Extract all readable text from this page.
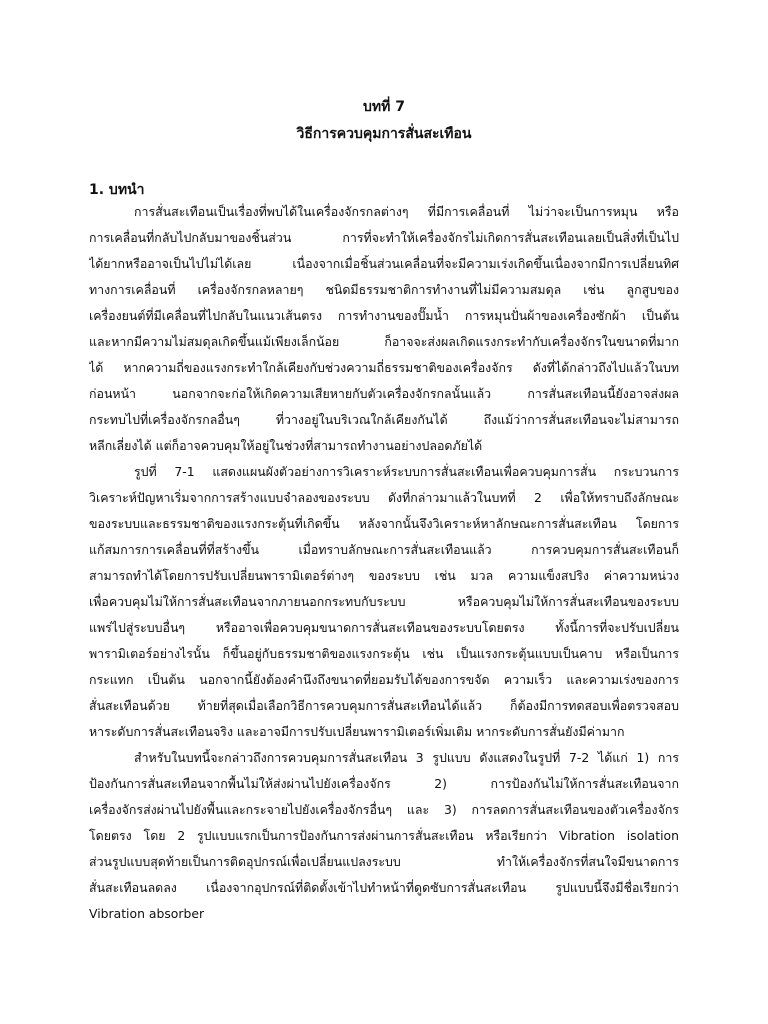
บทที่ 7
วิธีการควบคุมการสั่นสะเทือน
1. บทนำ
การสั่นสะเทือนเป็นเรื่องที่พบได้ในเครื่องจักรกลต่างๆ ที่มีการเคลื่อนที่ ไม่ว่าจะเป็นการหมุน หรือ
การเคลื่อนที่กลับไปกลับมาของชิ้นส่วน การที่จะทำให้เครื่องจักรไม่เกิดการสั่นสะเทือนเลยเป็นสิ่งที่เป็นไป
ได้ยากหรืออาจเป็นไปไม่ได้เลย เนื่องจากเมื่อชิ้นส่วนเคลื่อนที่จะมีความเร่งเกิดขึ้นเนื่องจากมีการเปลี่ยนทิศ
ทางการเคลื่อนที่ เครื่องจักรกลหลายๆ ชนิดมีธรรมชาติการทำงานที่ไม่มีความสมดุล เช่น ลูกสูบของ
เครื่องยนต์ที่มีเคลื่อนที่ไปกลับในแนวเส้นตรง การทำงานของปั๊มน้ำ การหมุนปั่นผ้าของเครื่องซักผ้า เป็นต้น
และหากมีความไม่สมดุลเกิดขึ้นแม้เพียงเล็กน้อย ก็อาจจะส่งผลเกิดแรงกระทำกับเครื่องจักรในขนาดที่มาก
ได้ หากความถี่ของแรงกระทำใกล้เคียงกับช่วงความถี่ธรรมชาติของเครื่องจักร ดังที่ได้กล่าวถึงไปแล้วในบท
ก่อนหน้า นอกจากจะก่อให้เกิดความเสียหายกับตัวเครื่องจักรกลนั้นแล้ว การสั่นสะเทือนนี้ยังอาจส่งผล
กระทบไปที่เครื่องจักรกลอื่นๆ ที่วางอยู่ในบริเวณใกล้เคียงกันได้ ถึงแม้ว่าการสั่นสะเทือนจะไม่สามารถ
หลีกเลี่ยงได้ แต่ก็อาจควบคุมให้อยู่ในช่วงที่สามารถทำงานอย่างปลอดภัยได้
รูปที่ 7-1 แสดงแผนผังตัวอย่างการวิเคราะห์ระบบการสั่นสะเทือนเพื่อควบคุมการสั่น กระบวนการ
วิเคราะห์ปัญหาเริ่มจากการสร้างแบบจำลองของระบบ ดังที่กล่าวมาแล้วในบทที่ 2 เพื่อให้ทราบถึงลักษณะ
ของระบบและธรรมชาติของแรงกระตุ้นที่เกิดขึ้น หลังจากนั้นจึงวิเคราะห์หาลักษณะการสั่นสะเทือน โดยการ
แก้สมการการเคลื่อนที่ที่สร้างขึ้น เมื่อทราบลักษณะการสั่นสะเทือนแล้ว การควบคุมการสั่นสะเทือนก็
สามารถทำได้โดยการปรับเปลี่ยนพารามิเตอร์ต่างๆ ของระบบ เช่น มวล ความแข็งสปริง ค่าความหน่วง
เพื่อควบคุมไม่ให้การสั่นสะเทือนจากภายนอกกระทบกับระบบ หรือควบคุมไม่ให้การสั่นสะเทือนของระบบ
แพร่ไปสู่ระบบอื่นๆ หรืออาจเพื่อควบคุมขนาดการสั่นสะเทือนของระบบโดยตรง ทั้งนี้การที่จะปรับเปลี่ยน
พารามิเตอร์อย่างไรนั้น ก็ขึ้นอยู่กับธรรมชาติของแรงกระตุ้น เช่น เป็นแรงกระตุ้นแบบเป็นคาบ หรือเป็นการ
กระแทก เป็นต้น นอกจากนี้ยังต้องคำนึงถึงขนาดที่ยอมรับได้ของการขจัด ความเร็ว และความเร่งของการ
สั่นสะเทือนด้วย ท้ายที่สุดเมื่อเลือกวิธีการควบคุมการสั่นสะเทือนได้แล้ว ก็ต้องมีการทดสอบเพื่อตรวจสอบ
หาระดับการสั่นสะเทือนจริง และอาจมีการปรับเปลี่ยนพารามิเตอร์เพิ่มเติม หากระดับการสั่นยังมีค่ามาก
สำหรับในบทนี้จะกล่าวถึงการควบคุมการสั่นสะเทือน 3 รูปแบบ ดังแสดงในรูปที่ 7-2 ได้แก่ 1) การ
ป้องกันการสั่นสะเทือนจากพื้นไม่ให้ส่งผ่านไปยังเครื่องจักร 2) การป้องกันไม่ให้การสั่นสะเทือนจาก
เครื่องจักรส่งผ่านไปยังพื้นและกระจายไปยังเครื่องจักรอื่นๆ และ 3) การลดการสั่นสะเทือนของตัวเครื่องจักร
โดยตรง โดย 2 รูปแบบแรกเป็นการป้องกันการส่งผ่านการสั่นสะเทือน หรือเรียกว่า Vibration isolation
ส่วนรูปแบบสุดท้ายเป็นการติดอุปกรณ์เพื่อเปลี่ยนแปลงระบบ ทำให้เครื่องจักรที่สนใจมีขนาดการ
สั่นสะเทือนลดลง เนื่องจากอุปกรณ์ที่ติดตั้งเข้าไปทำหน้าที่ดูดซับการสั่นสะเทือน รูปแบบนี้จึงมีชื่อเรียกว่า
Vibration absorber
